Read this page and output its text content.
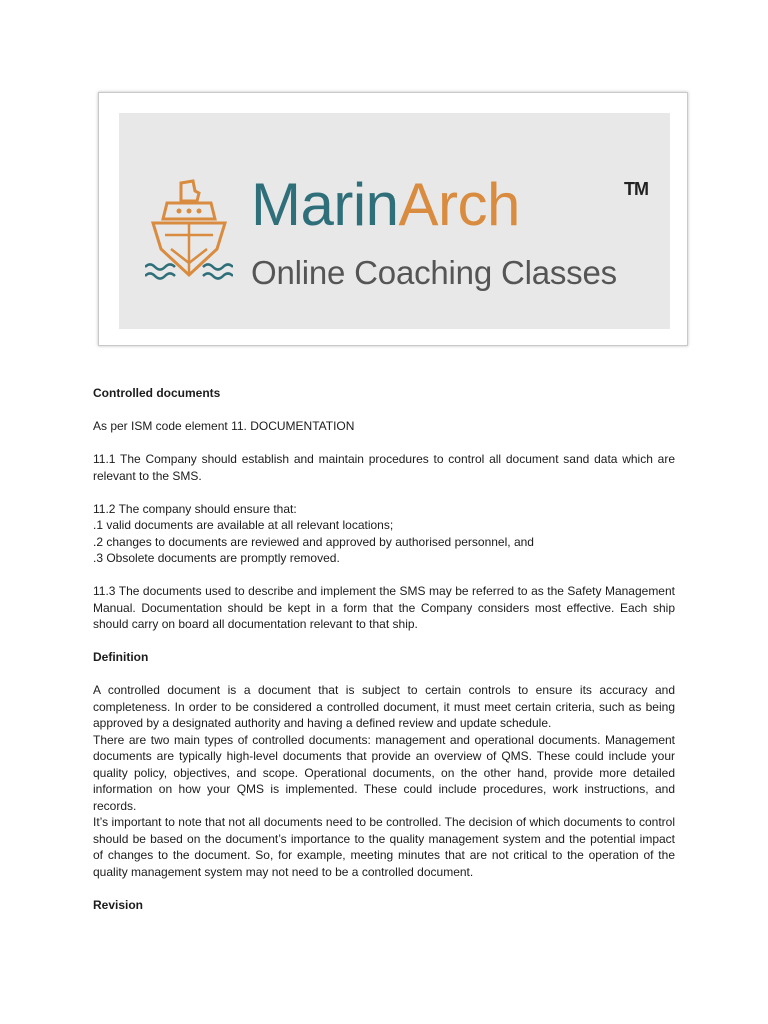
MarinArch	TM
Online Coaching Classes

Controlled documents

As per ISM code element 11. DOCUMENTATION

11.1 The Company should establish and maintain procedures to control all document sand data which are relevant to the SMS.

11.2 The company should ensure that:

.1 valid documents are available at all relevant locations;

.2 changes to documents are reviewed and approved by authorised personnel, and

.3 Obsolete documents are promptly removed.

11.3 The documents used to describe and implement the SMS may be referred to as the Safety Management Manual. Documentation should be kept in a form that the Company considers most effective. Each ship should carry on board all documentation relevant to that ship.

Definition

A controlled document is a document that is subject to certain controls to ensure its accuracy and completeness. In order to be considered a controlled document, it must meet certain criteria, such as being approved by a designated authority and having a defined review and update schedule.

There are two main types of controlled documents: management and operational documents. Management documents are typically high-level documents that provide an overview of QMS. These could include your quality policy, objectives, and scope. Operational documents, on the other hand, provide more detailed information on how your QMS is implemented. These could include procedures, work instructions, and records.

It’s important to note that not all documents need to be controlled. The decision of which documents to control should be based on the document’s importance to the quality management system and the potential impact of changes to the document. So, for example, meeting minutes that are not critical to the operation of the quality management system may not need to be a controlled document.

Revision
